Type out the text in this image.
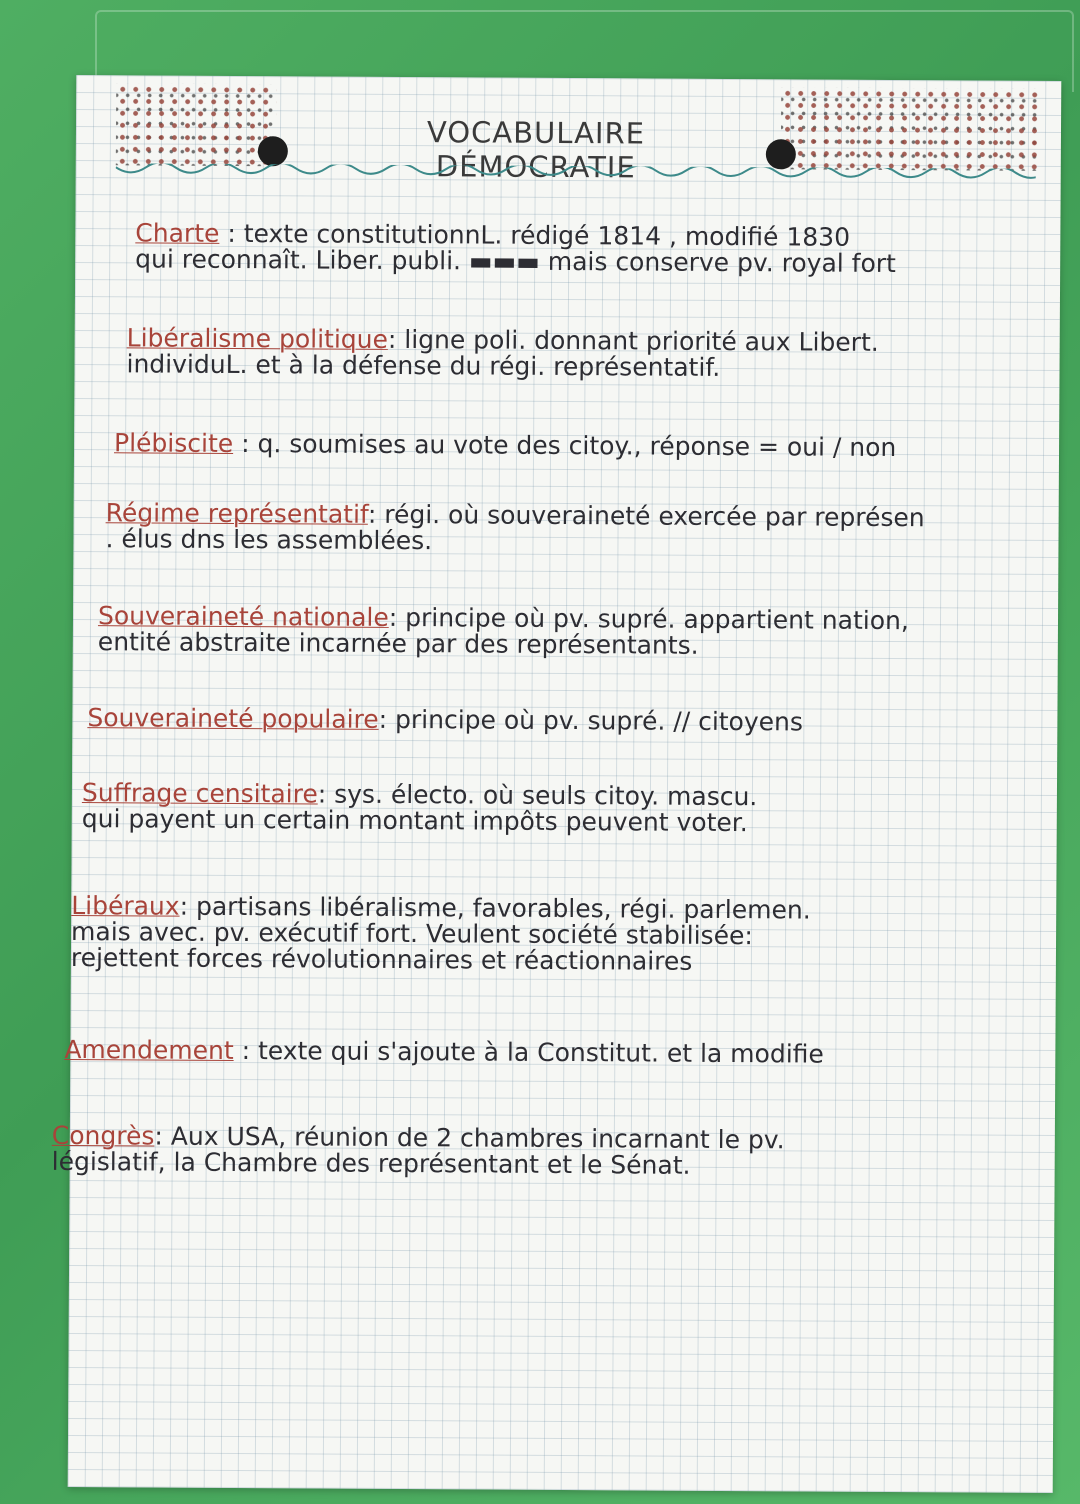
VOCABULAIRE DÉMOCRATIE
Charte : texte constitutionnL. rédigé 1814 , modifié 1830
qui reconnaît. Liber. publi. ▬▬▬ mais conserve pv. royal fort
Libéralisme politique: ligne poli. donnant priorité aux Libert.
individuL. et à la défense du régi. représentatif.
Plébiscite : q. soumises au vote des citoy., réponse = oui / non
Régime représentatif: régi. où souveraineté exercée par représen
. élus dns les assemblées.
Souveraineté nationale: principe où pv. supré. appartient nation,
entité abstraite incarnée par des représentants.
Souveraineté populaire: principe où pv. supré. // citoyens
Suffrage censitaire: sys. électo. où seuls citoy. mascu.
qui payent un certain montant impôts peuvent voter.
Libéraux: partisans libéralisme, favorables, régi. parlemen.
mais avec. pv. exécutif fort. Veulent société stabilisée:
rejettent forces révolutionnaires et réactionnaires
Amendement : texte qui s'ajoute à la Constitut. et la modifie
Congrès: Aux USA, réunion de 2 chambres incarnant le pv.
législatif, la Chambre des représentant et le Sénat.
